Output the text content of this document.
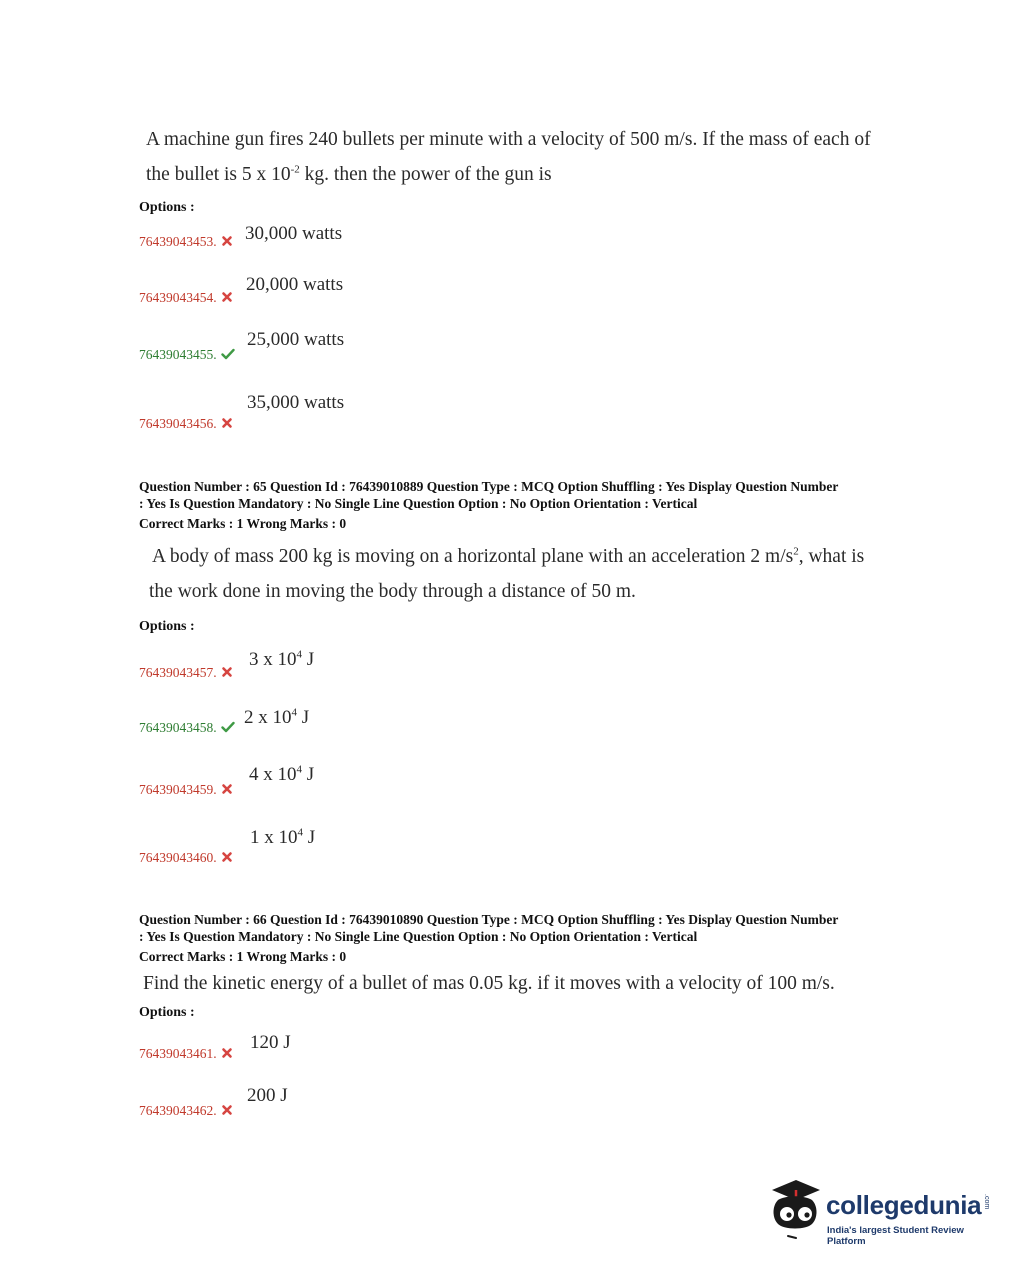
A machine gun fires 240 bullets per minute with a velocity of 500 m/s. If the mass of each of
the bullet is 5 x $10^{-2}$ kg. then the power of the gun is
Options :
76439043453.	30,000 watts
76439043454.
20,000 watts
76439043455.
25,000 watts
76439043456.
35,000 watts
Question Number : 65 Question Id : 76439010889 Question Type : MCQ Option Shuffling : Yes Display Question Number
: Yes Is Question Mandatory : No Single Line Question Option : No Option Orientation : Vertical
Correct Marks : 1 Wrong Marks : 0
A body of mass 200 kg is moving on a horizontal plane with an acceleration 2 $m/s^2$, what is
the work done in moving the body through a distance of 50 m.
Options :
76439043457.
3 x $10^4$ J
76439043458.	2 x $10^4$ J
76439043459.
4 x $10^4$ J
76439043460.
1 x $10^4$ J
Question Number : 66 Question Id : 76439010890 Question Type : MCQ Option Shuffling : Yes Display Question Number
: Yes Is Question Mandatory : No Single Line Question Option : No Option Orientation : Vertical
Correct Marks : 1 Wrong Marks : 0
Find the kinetic energy of a bullet of mas 0.05 kg. if it moves with a velocity of 100 m/s.
Options :
76439043461.
120 J
76439043462.
200 J
collegedunia .com
India's largest Student Review Platform
